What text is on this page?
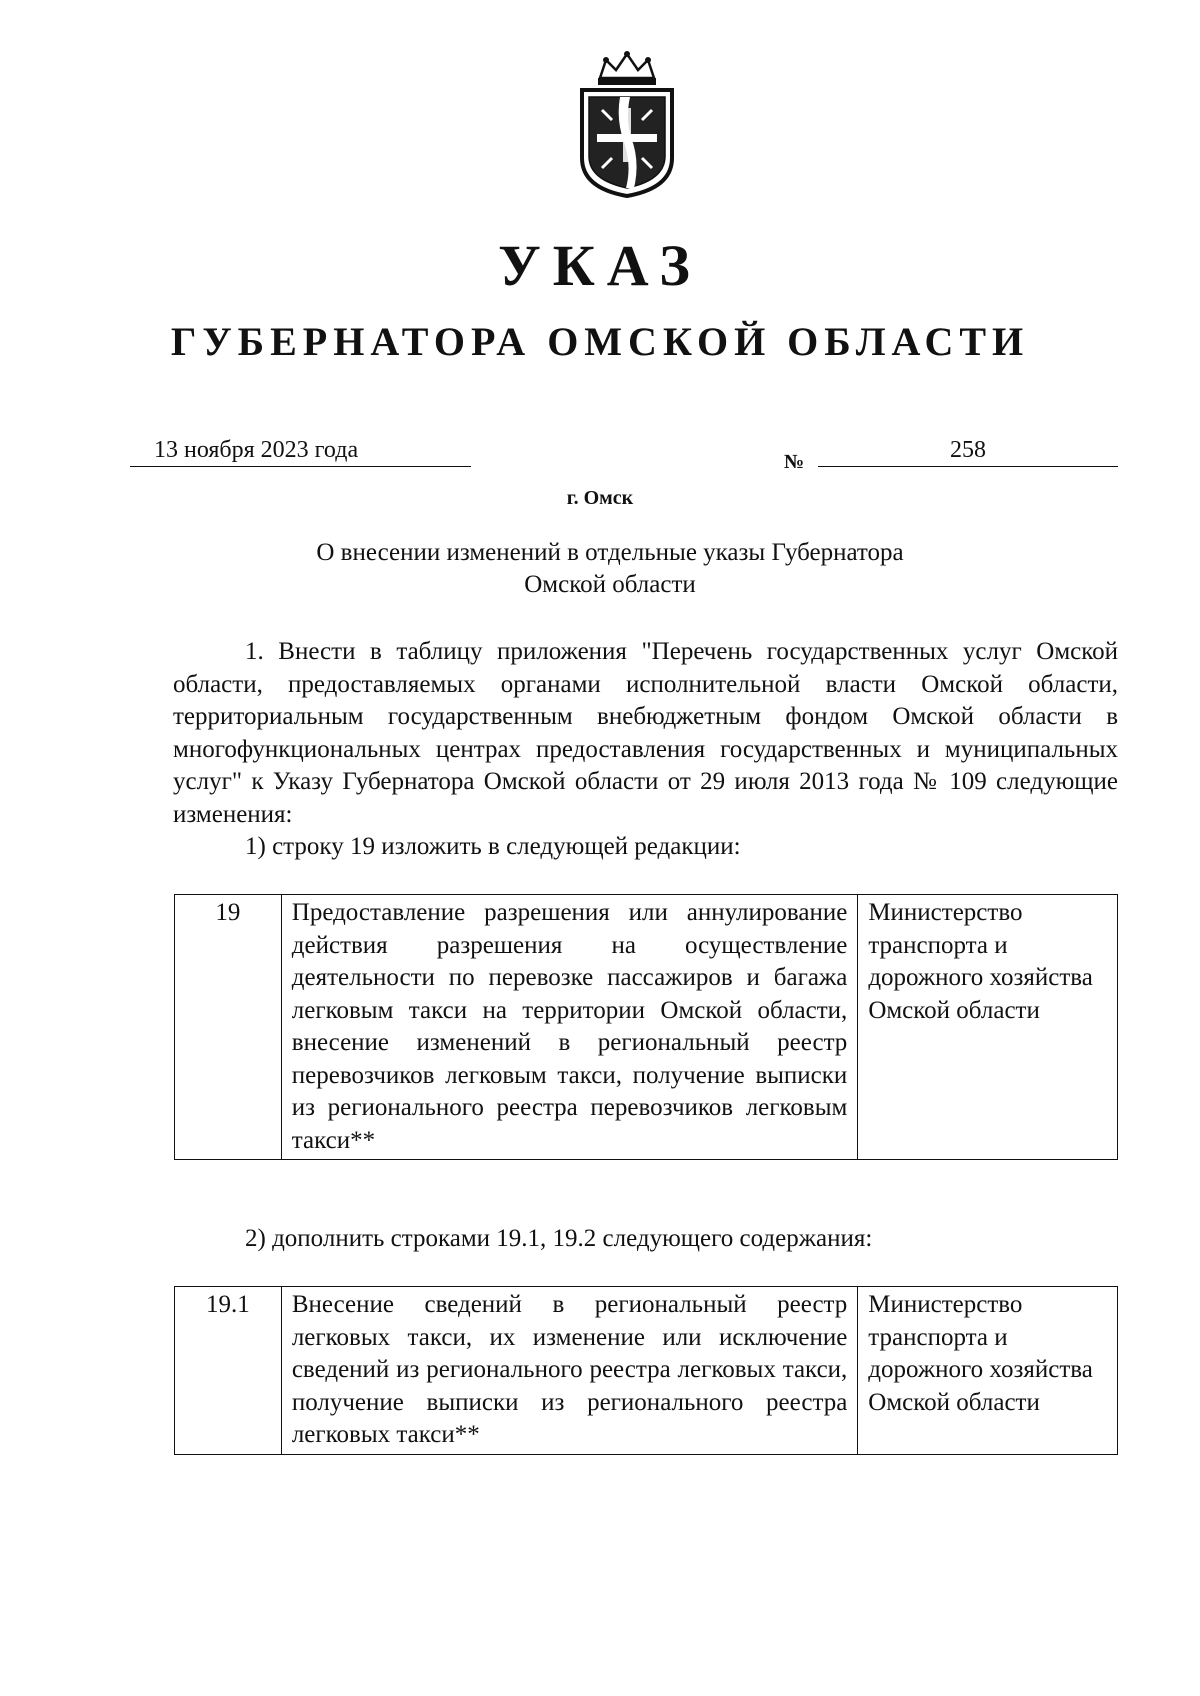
УКАЗ
ГУБЕРНАТОРА ОМСКОЙ ОБЛАСТИ
13 ноября 2023 года	№	258
г. Омск
О внесении изменений в отдельные указы Губернатора
Омской области
1. Внести в таблицу приложения "Перечень государственных услуг Омской области, предоставляемых органами исполнительной власти Омской области, территориальным государственным внебюджетным фондом Омской области в многофункциональных центрах предоставления государственных и муниципальных услуг" к Указу Губернатора Омской области от 29 июля 2013 года № 109 следующие изменения:
1) строку 19 изложить в следующей редакции:
19	Предоставление разрешения или аннулирование действия разрешения на осуществление деятельности по перевозке пассажиров и багажа легковым такси на территории Омской области, внесение изменений в региональный реестр перевозчиков легковым такси, получение выписки из регионального реестра перевозчиков легковым такси**	Министерство транспорта и дорожного хозяйства Омской области
2) дополнить строками 19.1, 19.2 следующего содержания:
19.1	Внесение сведений в региональный реестр легковых такси, их изменение или исключение сведений из регионального реестра легковых такси, получение выписки из регионального реестра легковых такси**	Министерство транспорта и дорожного хозяйства Омской области
